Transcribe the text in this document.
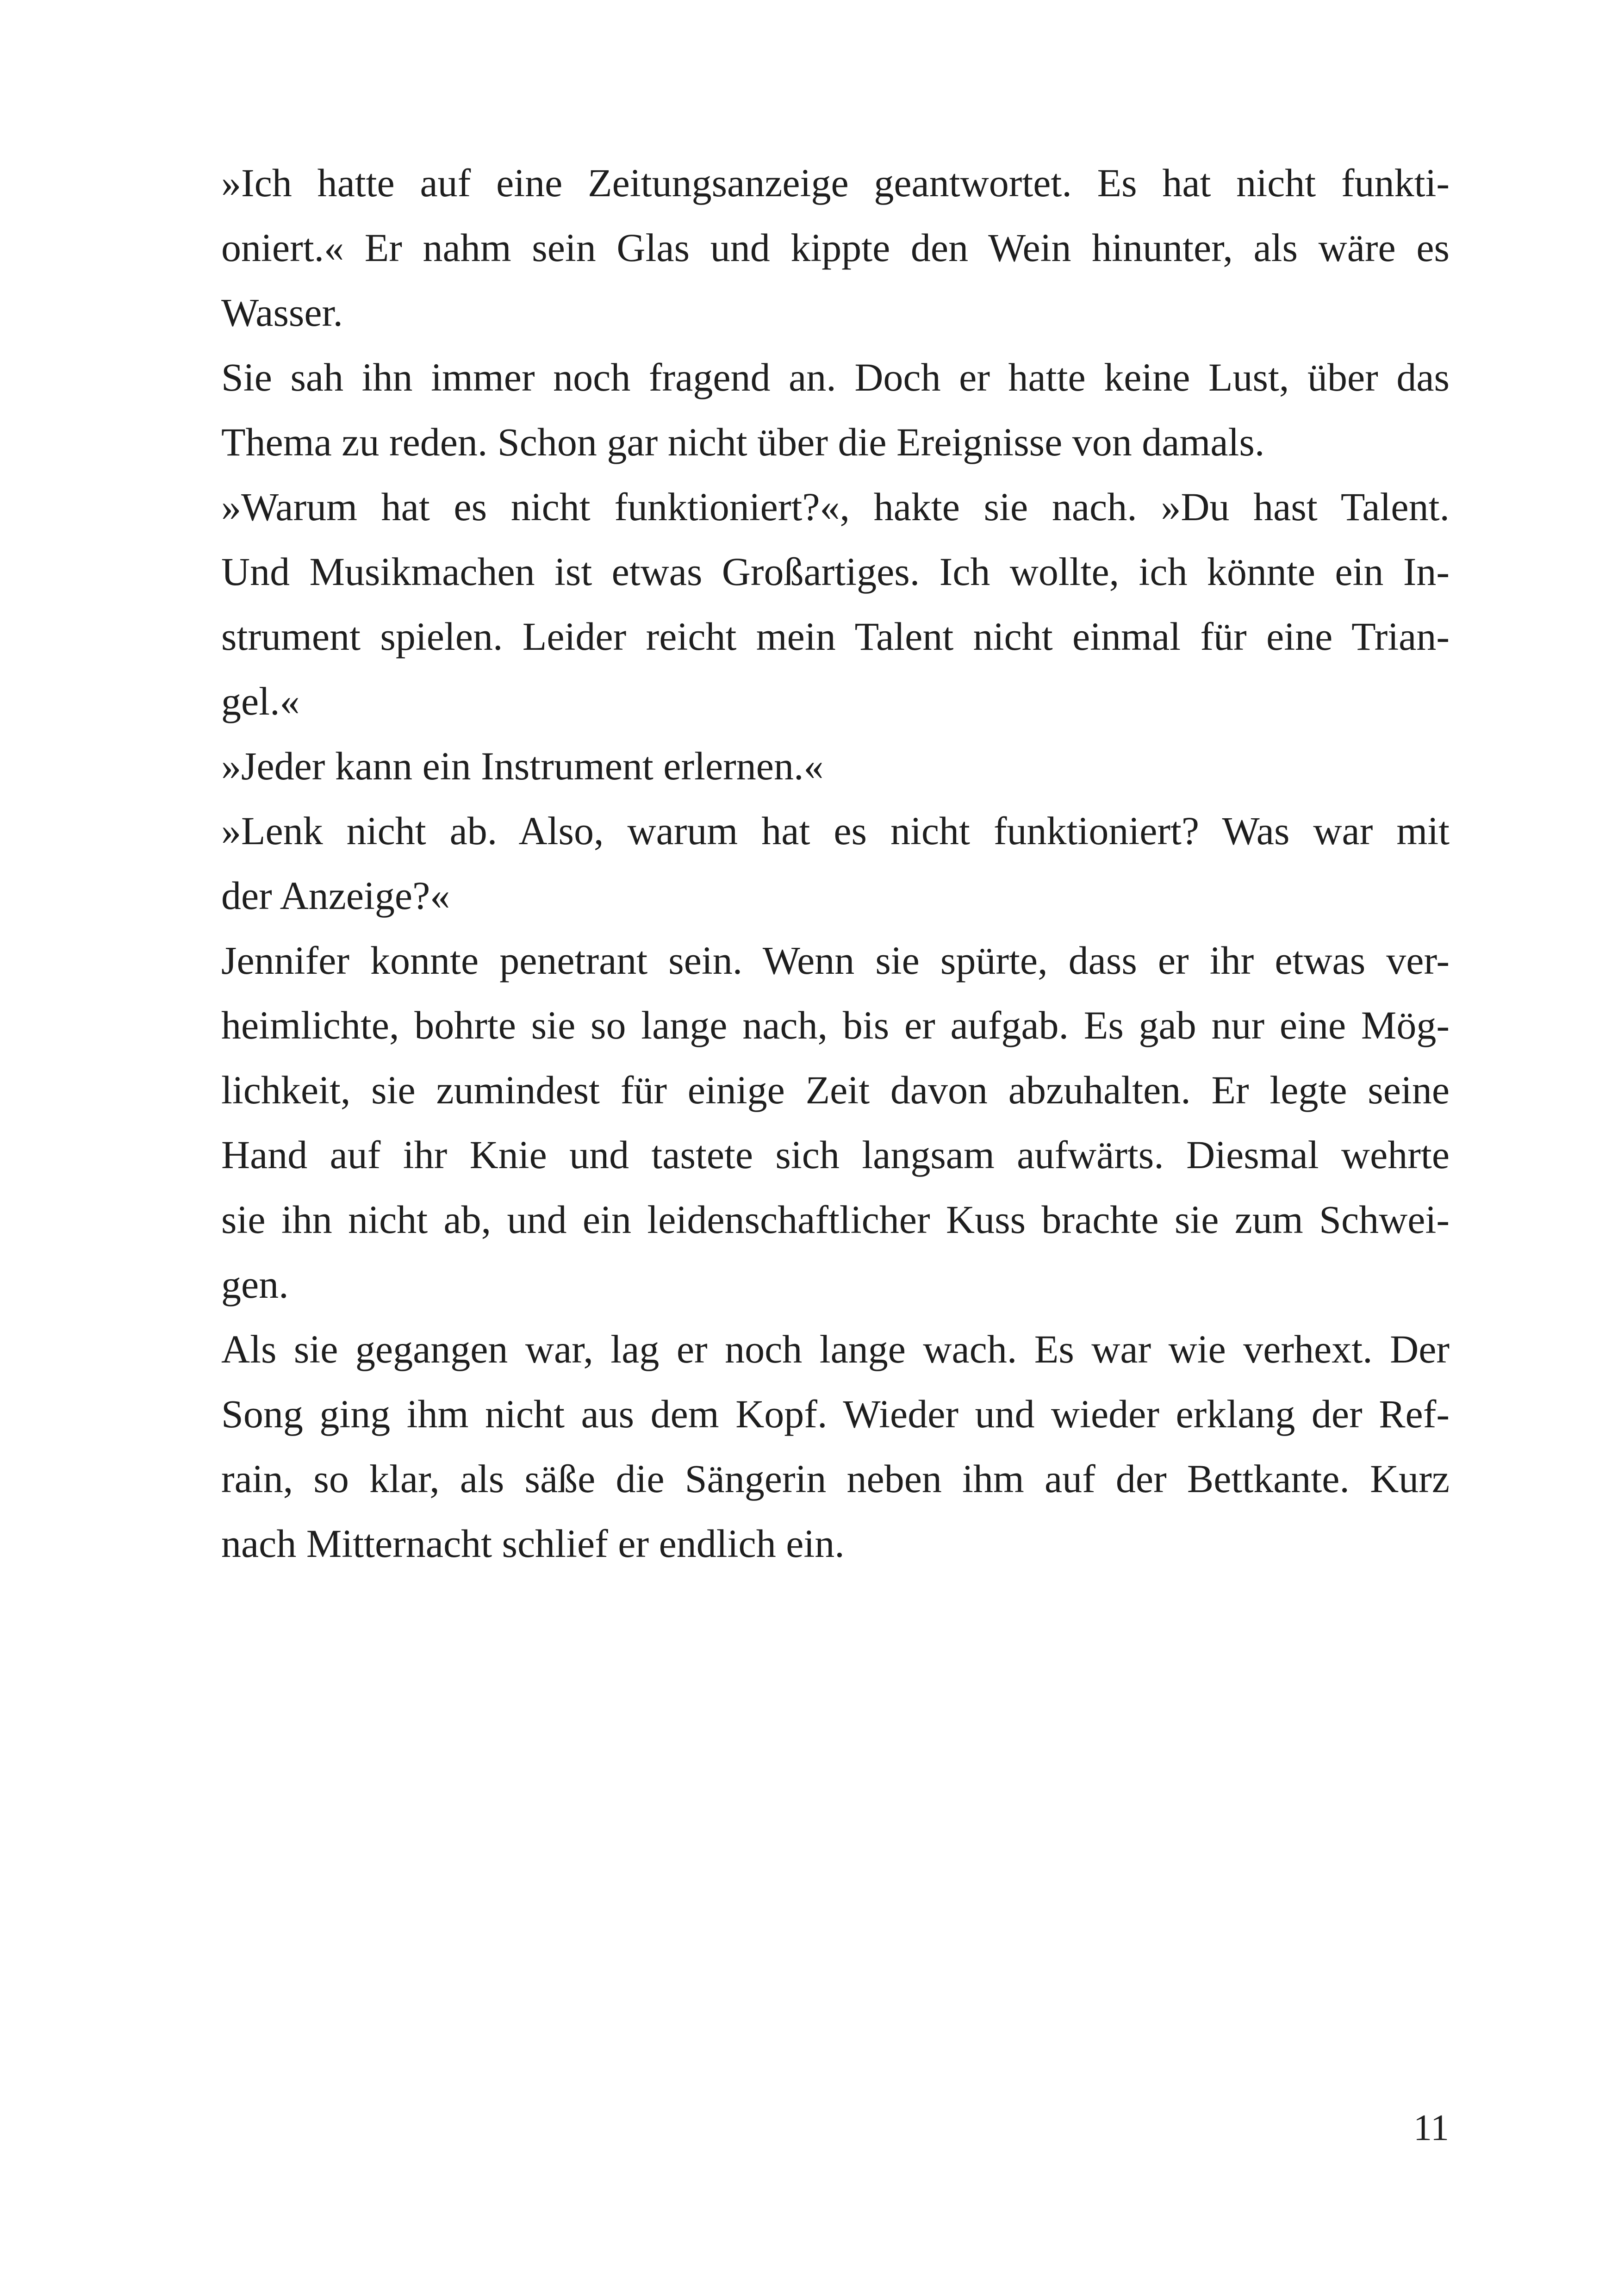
»Ich hatte auf eine Zeitungsanzeige geantwortet. Es hat nicht funkti-
oniert.« Er nahm sein Glas und kippte den Wein hinunter, als wäre es
Wasser.
Sie sah ihn immer noch fragend an. Doch er hatte keine Lust, über das
Thema zu reden. Schon gar nicht über die Ereignisse von damals.
»Warum hat es nicht funktioniert?«, hakte sie nach. »Du hast Talent.
Und Musikmachen ist etwas Großartiges. Ich wollte, ich könnte ein In-
strument spielen. Leider reicht mein Talent nicht einmal für eine Trian-
gel.«
»Jeder kann ein Instrument erlernen.«
»Lenk nicht ab. Also, warum hat es nicht funktioniert? Was war mit
der Anzeige?«
Jennifer konnte penetrant sein. Wenn sie spürte, dass er ihr etwas ver-
heimlichte, bohrte sie so lange nach, bis er aufgab. Es gab nur eine Mög-
lichkeit, sie zumindest für einige Zeit davon abzuhalten. Er legte seine
Hand auf ihr Knie und tastete sich langsam aufwärts. Diesmal wehrte
sie ihn nicht ab, und ein leidenschaftlicher Kuss brachte sie zum Schwei-
gen.
Als sie gegangen war, lag er noch lange wach. Es war wie verhext. Der
Song ging ihm nicht aus dem Kopf. Wieder und wieder erklang der Ref-
rain, so klar, als säße die Sängerin neben ihm auf der Bettkante. Kurz
nach Mitternacht schlief er endlich ein.
11
